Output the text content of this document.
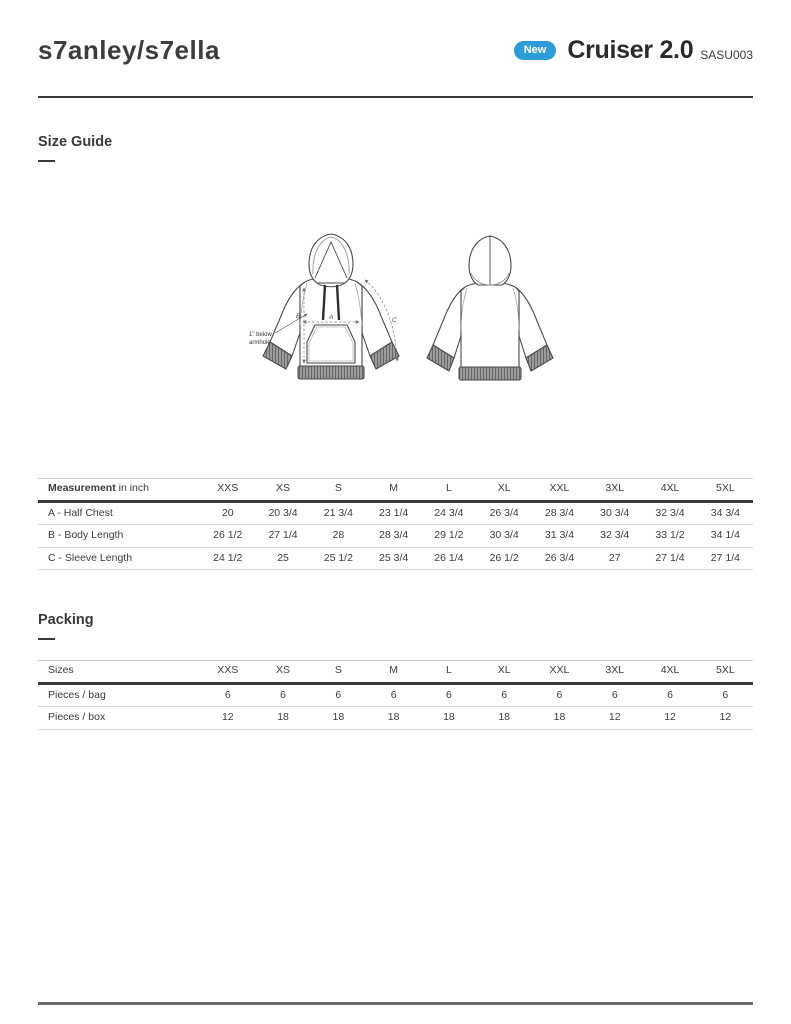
s7anley/s7ella	New Cruiser 2.0 SASU003
Size Guide
A
B
C
1" below
armhole
Measurement in inch	XXS	XS	S	M	L	XL	XXL	3XL	4XL	5XL
A - Half Chest	20	20 3/4	21 3/4	23 1/4	24 3/4	26 3/4	28 3/4	30 3/4	32 3/4	34 3/4
B - Body Length	26 1/2	27 1/4	28	28 3/4	29 1/2	30 3/4	31 3/4	32 3/4	33 1/2	34 1/4
C - Sleeve Length	24 1/2	25	25 1/2	25 3/4	26 1/4	26 1/2	26 3/4	27	27 1/4	27 1/4
Packing
Sizes	XXS	XS	S	M	L	XL	XXL	3XL	4XL	5XL
Pieces / bag	6	6	6	6	6	6	6	6	6	6
Pieces / box	12	18	18	18	18	18	18	12	12	12
